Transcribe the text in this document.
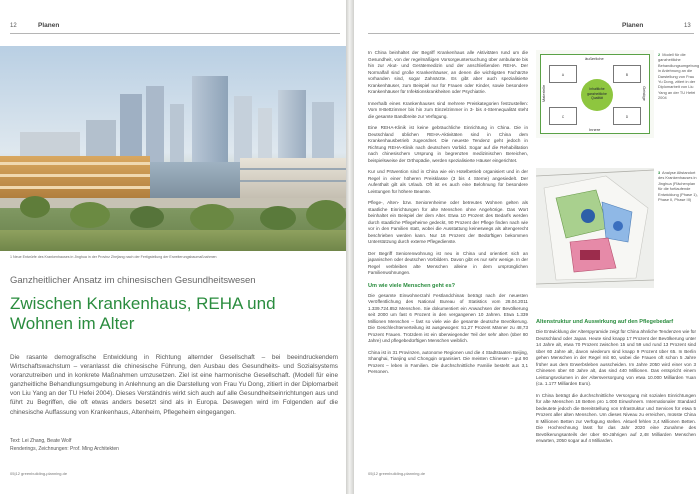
12	Planen
1 Neue Entwürfe des Krankenhauses in Jinghua in der Provinz Zhejiang nach der Fertigstellung der Erweiterungsbaumaßnahmen
Ganzheitlicher Ansatz im chinesischen Gesundheitswesen
Zwischen Krankenhaus, REHA und
Wohnen im Alter
Die rasante demografische Entwicklung in Richtung alternder Gesellschaft – bei beeindruckendem Wirtschaftswachstum – veranlasst die chinesische Führung, den Ausbau des Gesundheits- und Sozialsystems voranzutreiben und in konkrete Maßnahmen umzusetzen. Ziel ist eine harmonische Gesellschaft. (Modell für eine ganzheitliche Behandlungsumgebung in Anlehnung an die Darstellung von Frau Yu Dong, zitiert in der Diplomarbeit von Liu Yang an der TU Hefei 2004). Dieses Verständnis wirkt sich auch auf alle Gesundheitseinrichtungen aus und führt zu Begriffen, die oft etwas anders besetzt sind als in Europa. Deswegen wird im Folgenden auf die chinesische Auffassung von Krankenhaus, Altenheim, Pflegeheim eingegangen.
Text: Lei Zhang, Beate Wolf
Renderings, Zeichnungen: Prof. Ming Architekten
05|12 greenbuilding-planning.de
Planen	13

In China beinhaltet der Begriff Krankenhaus alle Aktivitäten rund um die Gesundheit, von der regelmäßigen Vorsorgeuntersuchung über ambulante bis hin zur Akut- und Gerätemedizin und der anschließenden REHA. Der Normalfall sind große Krankenhäuser, an denen die wichtigsten Fachärzte vorhanden sind, sogar Zahnärzte. Es gibt aber auch spezialisierte Krankenhäuser, zum Beispiel nur für Frauen oder Kinder, sowie besondere Krankenhäuser für Infektionskrankheiten oder Psychiatrie.

Innerhalb eines Krankenhauses sind mehrere Preiskategorien festzustellen: Vom 8-Bettzimmer bis hin zum Einzelzimmer in 3- bis 4-Sternequalität steht die gesamte Bandbreite zur Verfügung.

Eine REHA-Klinik ist keine gebräuchliche Einrichtung in China. Die in Deutschland üblichen REHA-Aktivitäten sind in China dem Krankenhausbetrieb zugeordnet. Die neueste Tendenz geht jedoch in Richtung REHA-Klinik nach deutschem Vorbild. Sogar auf die Rehabilitation nach chinesischem Ursprung in begrenzten medizinischen Bereichen, beispielsweise der Orthopädie, werden spezialisierte Häuser eingerichtet.

Kur und Prävention sind in China wie ein Hotelbetrieb organisiert und in der Regel in einer höheren Preisklasse (3 bis 4 Sterne) angesiedelt. Der Aufenthalt gilt als Urlaub. Oft ist es auch eine Belohnung für besondere Leistungen für höhere Beamte.

Pflege-, Alten- bzw. Seniorenheime oder betreutes Wohnen gelten als staatliche Einrichtungen für alte Menschen ohne Angehörige. Das Wort beinhaltet ein Beispiel der dem Alter. Etwa 10 Prozent des Bedarfs werden durch staatliche Pflegeheime gedeckt, 90 Prozent der Pflege finden nach wie vor in den Familien statt, wobei die Ausstattung keineswegs als altengerecht beschrieben werden kann. Nur 16 Prozent der Bedürftigen bekommen Unterstützung durch externe Pflegedienste.

Der Begriff Seniorenwohnung ist neu in China und orientiert sich an japanischen oder deutschen Vorbildern. Davon gibt es nur sehr wenige. In der Regel verbleiben alte Menschen alleine in dem ursprünglichen Familienwohnungen.

Um wie viele Menschen geht es?

Die gesamte Einwohnerzahl Festlandchinas beträgt nach der neuesten Veröffentlichung des National Bureau of Statistics vom 28.04.2011 1.339.724.852 Menschen. Sie dokumentiert ein Anwachsen der Bevölkerung seit 2000 um fast 6 Prozent in den vergangenen 10 Jahren. Etwa 1.339 Millionen Menschen – fast so viele wie die gesamte deutsche Bevölkerung. Die Geschlechterverteilung ist ausgewogen: 51,27 Prozent Männer zu 48,73 Prozent Frauen. Trotzdem ist ein überwiegender Teil der sehr alten (über 80 Jahre) und pflegebedürftigen Menschen weiblich.

China ist in 31 Provinzen, autonome Regionen und die 4 Stadtstaaten Beijing, Shanghai, Tianjing und Chongqin organisiert. Die meisten Chinesen – gut 90 Prozent – leben in Familien. Die durchschnittliche Familie besteht aus 3,1 Personen.

äußerliche
Innere
Materielle	Geistige
A	B
C	D
Inhaltliche
ganzheitliche
Qualität
2 Modell für die ganzheitliche Behandlungsumgebung in Anlehnung an die Darstellung von Frau Yu Dong, zitiert in der Diplomarbeit von Liu Yang an der TU Hefei 2004
3 Analyse Altstandort des Krankenhauses in Jinghua (Flächenplan für die fortlaufende Entwicklung (Phase 1), Phase II, Phase III)
Altenstruktur und Auswirkung auf den Pflegebedarf

Die Entwicklung der Alterspyramide zeigt für China ähnliche Tendenzen wie für Deutschland oder Japan. Heute sind knapp 17 Prozent der Bevölkerung unter 14 Jahre alt, etwa 70 Prozent zwischen 15 und 59 und rund 13 Prozent sind über 60 Jahre alt, davon wiederum sind knapp 9 Prozent über 65. In Berlin gehen Menschen in der Regel mit 60, wobei die Frauen oft schon 5 Jahre früher aus dem Erwerbsleben ausscheiden. Im Jahre 2050 wird einer von 3 Chinesen über 60 Jahre alt, das sind 440 Millionen. Das entspricht einem Leistungsvolumen in der Altersversorgung von etwa 10.000 Milliarden Yuan (ca. 1.177 Milliarden Euro).

In China beträgt die durchschnittliche Versorgung mit sozialen Einrichtungen für alte Menschen 18 Betten pro 1.000 Einwohnern. Internationaler Standard bedeutete jedoch die Bereitstellung von Infrastruktur und Services für etwa 5 Prozent aller alten Menschen. Um dieses Niveau zu erreichen, müsste China 8 Millionen Betten zur Verfügung stellen. Aktuell fehlen 3,4 Millionen Betten. Die Hochrechnung lässt für das Jahr 2020 eine Zunahme des Bevölkerungsanteils der über 60-Jährigen auf 2,48 Milliarden Menschen erwarten, 2050 sogar auf 4 Milliarden.

05|12 greenbuilding-planning.de
